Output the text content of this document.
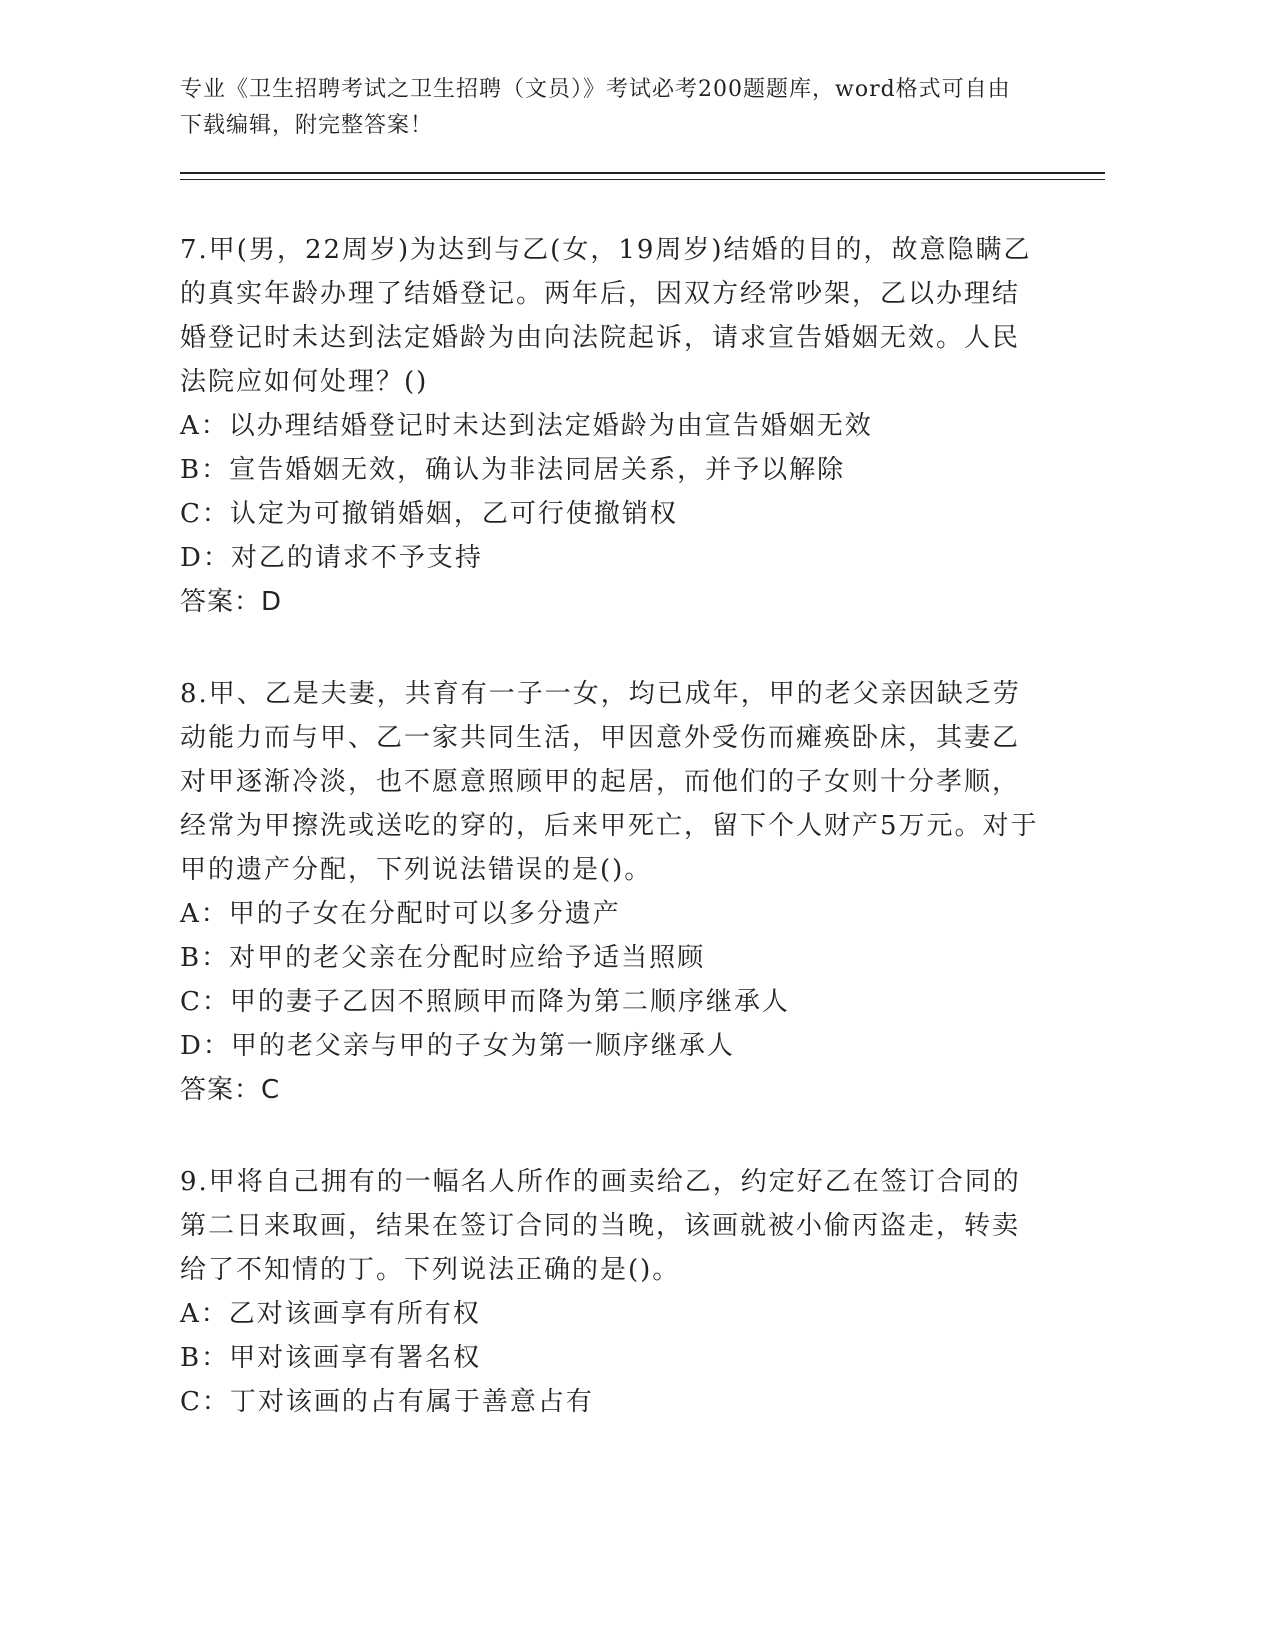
专业《卫生招聘考试之卫生招聘（文员）》考试必考200题题库，word格式可自由下载编辑，附完整答案！

7.甲(男，22周岁)为达到与乙(女，19周岁)结婚的目的，故意隐瞒乙的真实年龄办理了结婚登记。两年后，因双方经常吵架，乙以办理结婚登记时未达到法定婚龄为由向法院起诉，请求宣告婚姻无效。人民法院应如何处理？()

A：以办理结婚登记时未达到法定婚龄为由宣告婚姻无效

B：宣告婚姻无效，确认为非法同居关系，并予以解除

C：认定为可撤销婚姻，乙可行使撤销权

D：对乙的请求不予支持

答案：D

8.甲、乙是夫妻，共育有一子一女，均已成年，甲的老父亲因缺乏劳动能力而与甲、乙一家共同生活，甲因意外受伤而瘫痪卧床，其妻乙对甲逐渐冷淡，也不愿意照顾甲的起居，而他们的子女则十分孝顺，经常为甲擦洗或送吃的穿的，后来甲死亡，留下个人财产5万元。对于甲的遗产分配，下列说法错误的是()。

A：甲的子女在分配时可以多分遗产

B：对甲的老父亲在分配时应给予适当照顾

C：甲的妻子乙因不照顾甲而降为第二顺序继承人

D：甲的老父亲与甲的子女为第一顺序继承人

答案：C

9.甲将自己拥有的一幅名人所作的画卖给乙，约定好乙在签订合同的第二日来取画，结果在签订合同的当晚，该画就被小偷丙盗走，转卖给了不知情的丁。下列说法正确的是()。

A：乙对该画享有所有权

B：甲对该画享有署名权

C：丁对该画的占有属于善意占有
